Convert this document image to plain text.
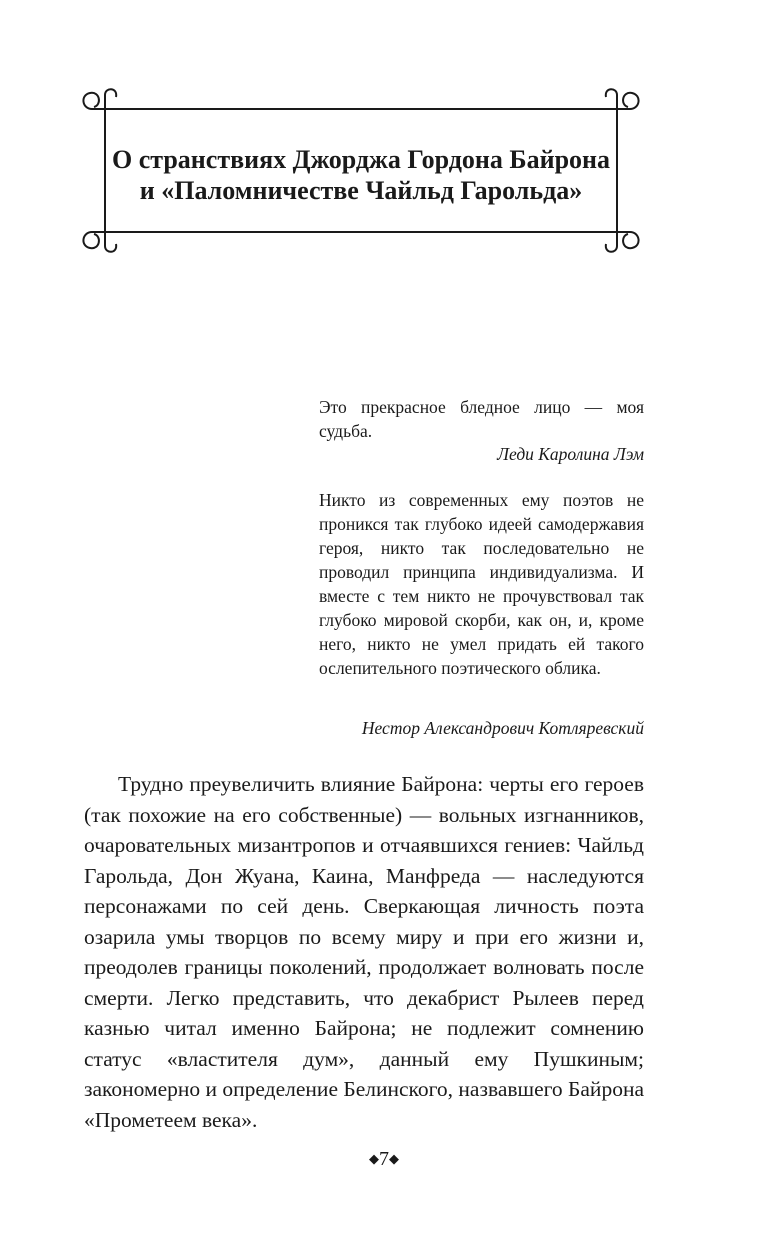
О странствиях Джорджа Гордона Байрона
и «Паломничестве Чайльд Гарольда»

Это прекрасное бледное лицо — моя судьба.

Леди Каролина Лэм

Никто из современных ему поэтов не проникся так глубоко идеей самодержавия героя, никто так последовательно не проводил принципа индивидуализма. И вместе с тем никто не прочувствовал так глубоко мировой скорби, как он, и, кроме него, никто не умел придать ей такого ослепительного поэтического облика.

Нестор Александрович Котляревский

Трудно преувеличить влияние Байрона: черты его героев (так похожие на его собственные) — вольных изгнанников, очаровательных мизантропов и отчаявшихся гениев: Чайльд Гарольда, Дон Жуана, Каина, Манфреда — наследуются персонажами по сей день. Сверкающая личность поэта озарила умы творцов по всему миру и при его жизни и, преодолев границы поколений, продолжает волновать после смерти. Легко представить, что декабрист Рылеев перед казнью читал именно Байрона; не подлежит сомнению статус «властителя дум», данный ему Пушкиным; закономерно и определение Белинского, назвавшего Байрона «Прометеем века».

◆7◆
